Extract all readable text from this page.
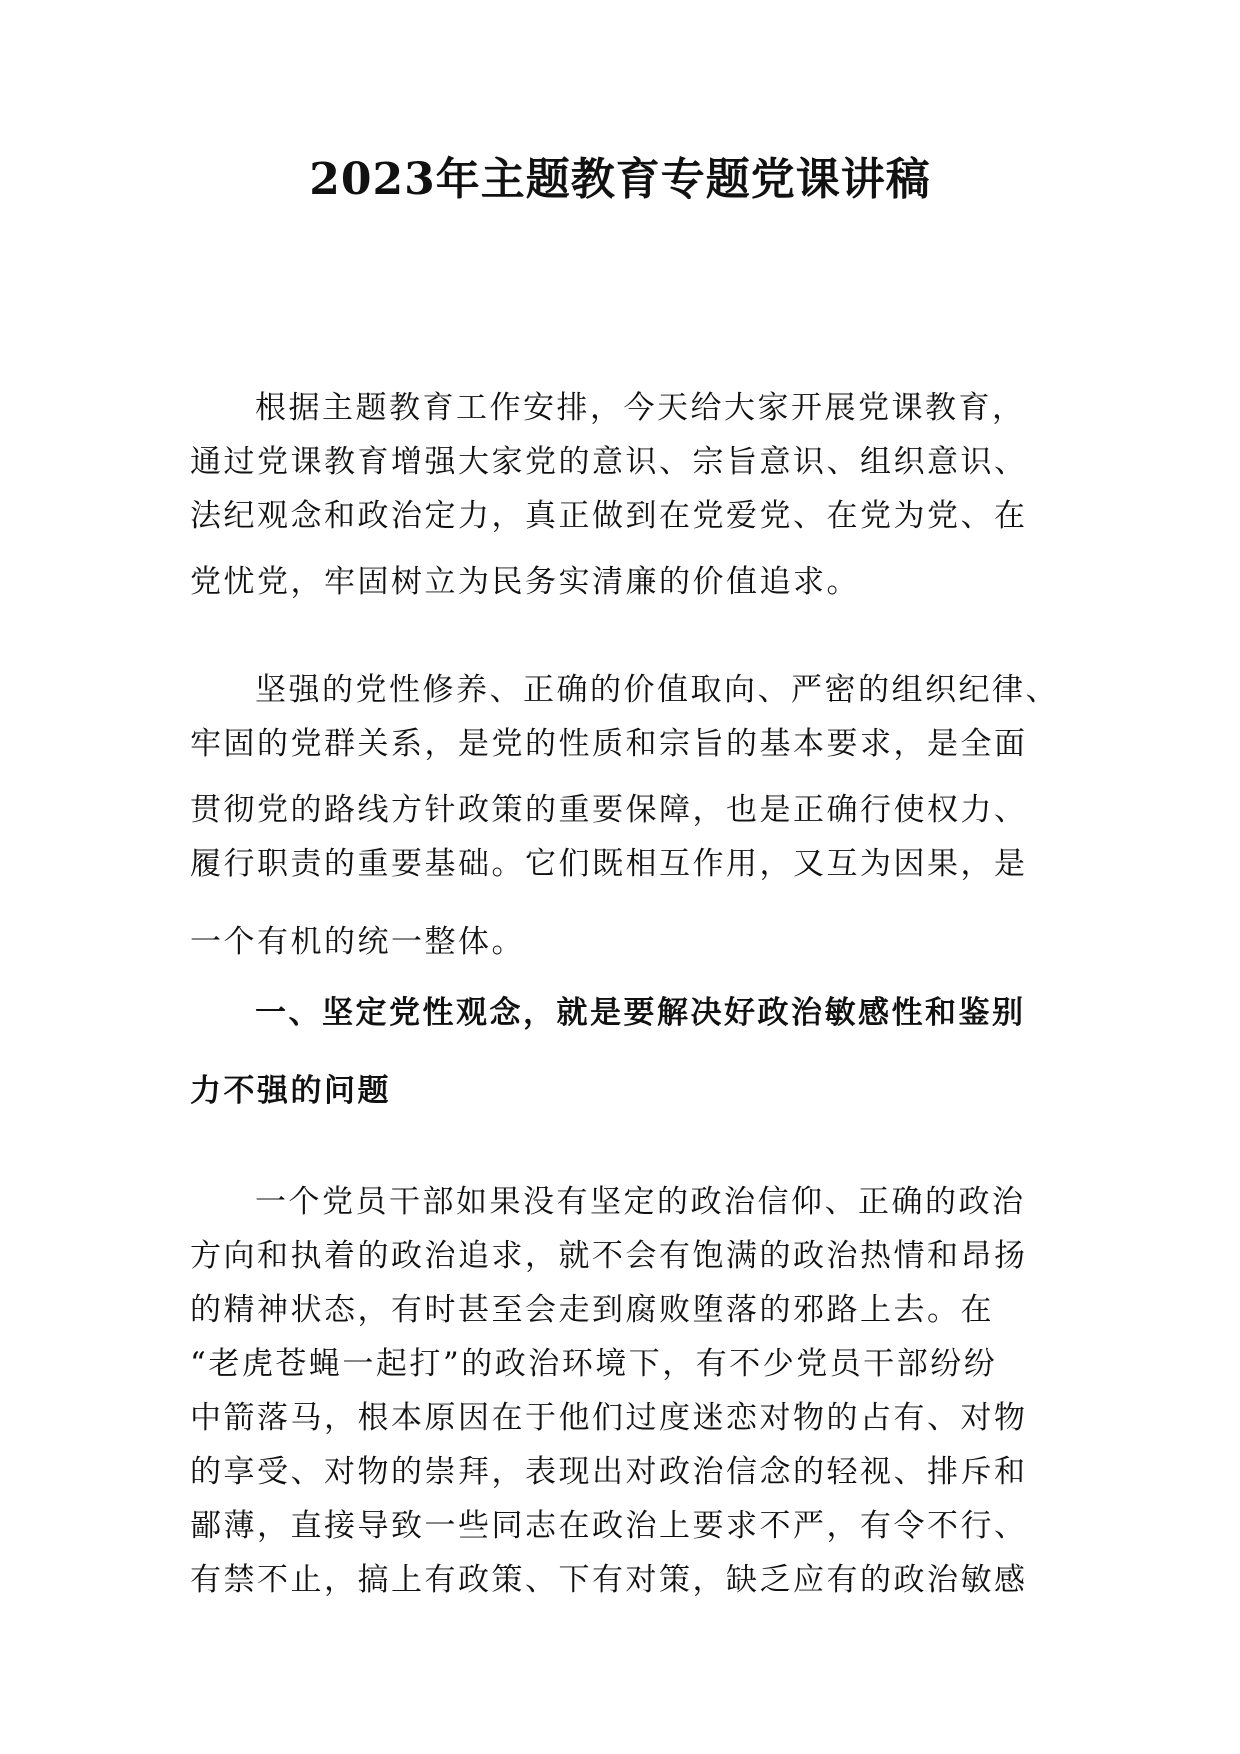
2023年主题教育专题党课讲稿
根据主题教育工作安排，今天给大家开展党课教育，
通过党课教育增强大家党的意识、宗旨意识、组织意识、
法纪观念和政治定力，真正做到在党爱党、在党为党、在
党忧党，牢固树立为民务实清廉的价值追求。
坚强的党性修养、正确的价值取向、严密的组织纪律、
牢固的党群关系，是党的性质和宗旨的基本要求，是全面
贯彻党的路线方针政策的重要保障，也是正确行使权力、
履行职责的重要基础。它们既相互作用，又互为因果，是
一个有机的统一整体。
一、坚定党性观念，就是要解决好政治敏感性和鉴别
力不强的问题
一个党员干部如果没有坚定的政治信仰、正确的政治
方向和执着的政治追求，就不会有饱满的政治热情和昂扬
的精神状态，有时甚至会走到腐败堕落的邪路上去。在
“老虎苍蝇一起打”的政治环境下，有不少党员干部纷纷
中箭落马，根本原因在于他们过度迷恋对物的占有、对物
的享受、对物的崇拜，表现出对政治信念的轻视、排斥和
鄙薄，直接导致一些同志在政治上要求不严，有令不行、
有禁不止，搞上有政策、下有对策，缺乏应有的政治敏感
